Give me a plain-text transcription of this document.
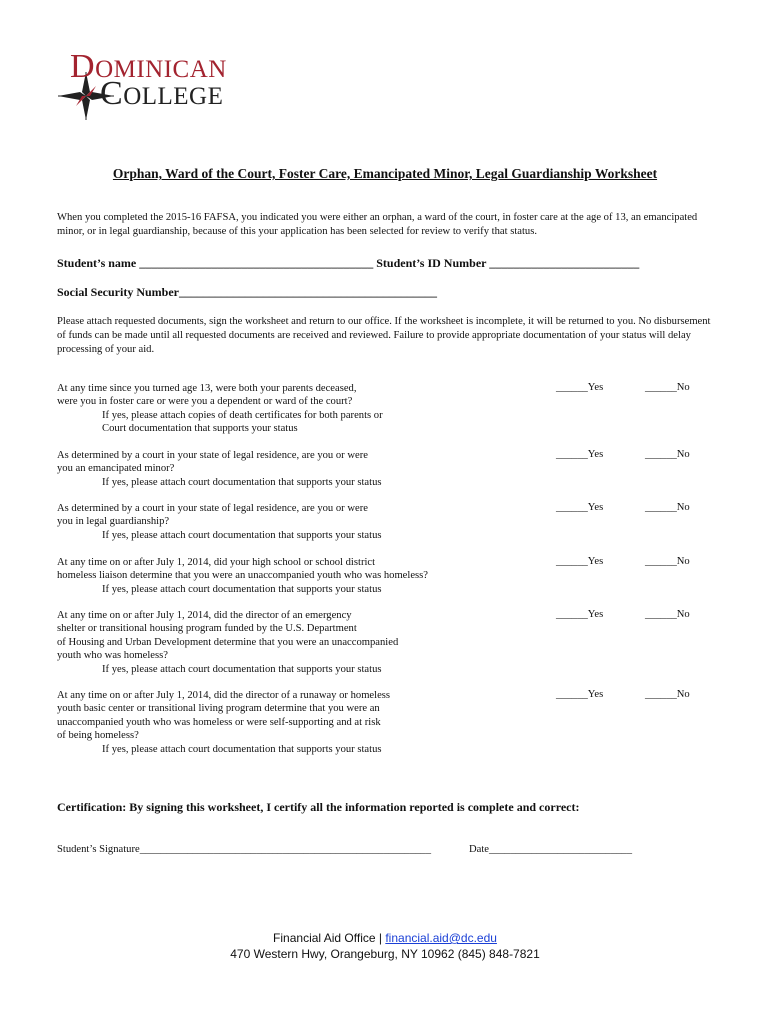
DOMINICAN
COLLEGE
Orphan, Ward of the Court, Foster Care, Emancipated Minor, Legal Guardianship Worksheet
When you completed the 2015-16 FAFSA, you indicated you were either an orphan, a ward of the court, in foster care at the age of 13, an emancipated minor, or in legal guardianship, because of this your application has been selected for review to verify that status.
Student’s name _______________________________________ Student’s ID Number _________________________
Social Security Number___________________________________________
Please attach requested documents, sign the worksheet and return to our office. If the worksheet is incomplete, it will be returned to you. No disbursement of funds can be made until all requested documents are received and reviewed. Failure to provide appropriate documentation of your status will delay processing of your aid.
At any time since you turned age 13, were both your parents deceased,
were you in foster care or were you a dependent or ward of the court?
If yes, please attach copies of death certificates for both parents or
Court documentation that supports your status
______Yes	______No
As determined by a court in your state of legal residence, are you or were
you an emancipated minor?
If yes, please attach court documentation that supports your status
______Yes	______No
As determined by a court in your state of legal residence, are you or were
you in legal guardianship?
If yes, please attach court documentation that supports your status
______Yes	______No
At any time on or after July 1, 2014, did your high school or school district
homeless liaison determine that you were an unaccompanied youth who was homeless?
If yes, please attach court documentation that supports your status
______Yes	______No
At any time on or after July 1, 2014, did the director of an emergency
shelter or transitional housing program funded by the U.S. Department
of Housing and Urban Development determine that you were an unaccompanied
youth who was homeless?
If yes, please attach court documentation that supports your status
______Yes	______No
At any time on or after July 1, 2014, did the director of a runaway or homeless
youth basic center or transitional living program determine that you were an
unaccompanied youth who was homeless or were self-supporting and at risk
of being homeless?
If yes, please attach court documentation that supports your status
______Yes	______No
Certification: By signing this worksheet, I certify all the information reported is complete and correct:
Student’s Signature_______________________________________________________	Date___________________________
Financial Aid Office | financial.aid@dc.edu
470 Western Hwy, Orangeburg, NY 10962 (845) 848-7821
